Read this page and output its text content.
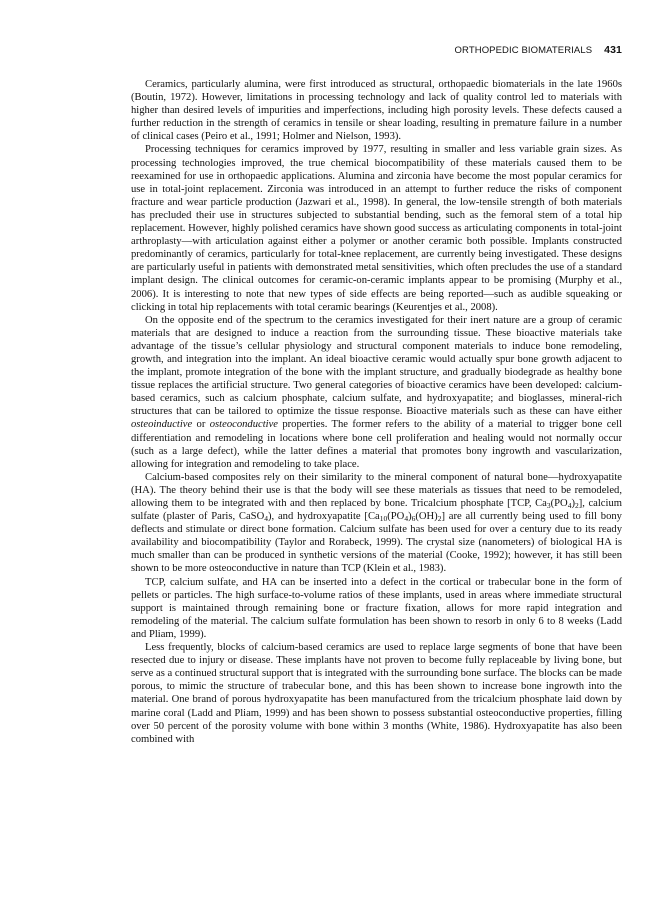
ORTHOPEDIC BIOMATERIALS 431

Ceramics, particularly alumina, were first introduced as structural, orthopaedic biomaterials in the late 1960s (Boutin, 1972). However, limitations in processing technology and lack of quality control led to materials with higher than desired levels of impurities and imperfections, including high porosity levels. These defects caused a further reduction in the strength of ceramics in tensile or shear loading, resulting in premature failure in a number of clinical cases (Peiro et al., 1991; Holmer and Nielson, 1993).

Processing techniques for ceramics improved by 1977, resulting in smaller and less variable grain sizes. As processing technologies improved, the true chemical biocompatibility of these materials caused them to be reexamined for use in orthopaedic applications. Alumina and zirconia have become the most popular ceramics for use in total-joint replacement. Zirconia was introduced in an attempt to further reduce the risks of component fracture and wear particle production (Jazwari et al., 1998). In general, the low-tensile strength of both materials has precluded their use in structures subjected to substantial bending, such as the femoral stem of a total hip replacement. However, highly polished ceramics have shown good success as articulating components in total-joint arthroplasty—with articulation against either a polymer or another ceramic both possible. Implants constructed predominantly of ceramics, particularly for total-knee replacement, are currently being investigated. These designs are particularly useful in patients with demonstrated metal sensitivities, which often precludes the use of a standard implant design. The clinical outcomes for ceramic-on-ceramic implants appear to be promising (Murphy et al., 2006). It is interesting to note that new types of side effects are being reported—such as audible squeaking or clicking in total hip replacements with total ceramic bearings (Keurentjes et al., 2008).

On the opposite end of the spectrum to the ceramics investigated for their inert nature are a group of ceramic materials that are designed to induce a reaction from the surrounding tissue. These bioactive materials take advantage of the tissue’s cellular physiology and structural component materials to induce bone remodeling, growth, and integration into the implant. An ideal bioactive ceramic would actually spur bone growth adjacent to the implant, promote integration of the bone with the implant structure, and gradually biodegrade as healthy bone tissue replaces the artificial structure. Two general categories of bioactive ceramics have been developed: calcium-based ceramics, such as calcium phosphate, calcium sulfate, and hydroxyapatite; and bioglasses, mineral-rich structures that can be tailored to optimize the tissue response. Bioactive materials such as these can have either osteoinductive or osteoconductive properties. The former refers to the ability of a material to trigger bone cell differentiation and remodeling in locations where bone cell proliferation and healing would not normally occur (such as a large defect), while the latter defines a material that promotes bony ingrowth and vascularization, allowing for integration and remodeling to take place.

Calcium-based composites rely on their similarity to the mineral component of natural bone—hydroxyapatite (HA). The theory behind their use is that the body will see these materials as tissues that need to be remodeled, allowing them to be integrated with and then replaced by bone. Tricalcium phosphate [TCP, $Ca_3(PO_4)_2$], calcium sulfate (plaster of Paris, CaSO$_4$), and hydroxyapatite $[Ca_{10}(PO_4)_6(OH)_2]$ are all currently being used to fill bony deflects and stimulate or direct bone formation. Calcium sulfate has been used for over a century due to its ready availability and biocompatibility (Taylor and Rorabeck, 1999). The crystal size (nanometers) of biological HA is much smaller than can be produced in synthetic versions of the material (Cooke, 1992); however, it has still been shown to be more osteoconductive in nature than TCP (Klein et al., 1983).

TCP, calcium sulfate, and HA can be inserted into a defect in the cortical or trabecular bone in the form of pellets or particles. The high surface-to-volume ratios of these implants, used in areas where immediate structural support is maintained through remaining bone or fracture fixation, allows for more rapid integration and remodeling of the material. The calcium sulfate formulation has been shown to resorb in only 6 to 8 weeks (Ladd and Pliam, 1999).

Less frequently, blocks of calcium-based ceramics are used to replace large segments of bone that have been resected due to injury or disease. These implants have not proven to become fully replaceable by living bone, but serve as a continued structural support that is integrated with the surrounding bone surface. The blocks can be made porous, to mimic the structure of trabecular bone, and this has been shown to increase bone ingrowth into the material. One brand of porous hydroxyapatite has been manufactured from the tricalcium phosphate laid down by marine coral (Ladd and Pliam, 1999) and has been shown to possess substantial osteoconductive properties, filling over 50 percent of the porosity volume with bone within 3 months (White, 1986). Hydroxyapatite has also been combined with
